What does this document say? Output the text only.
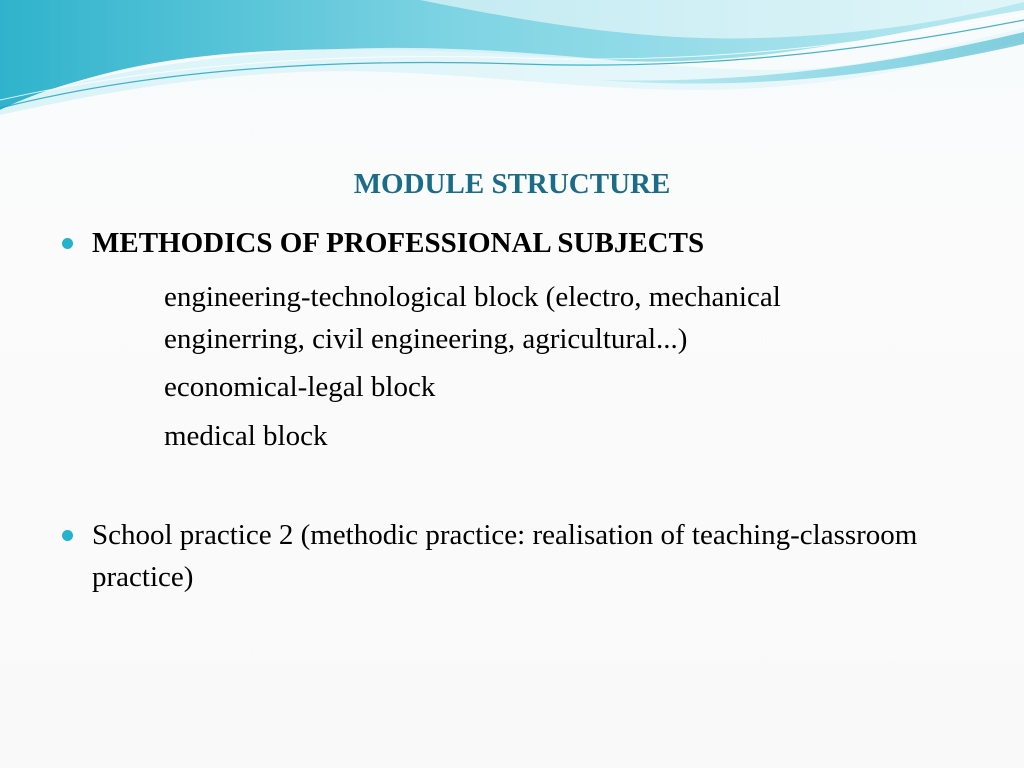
MODULE STRUCTURE
METHODICS OF PROFESSIONAL SUBJECTS
engineering-technological block (electro, mechanical enginerring, civil engineering, agricultural...)
economical-legal block
medical block
School practice 2 (methodic practice: realisation of teaching-classroom practice)
